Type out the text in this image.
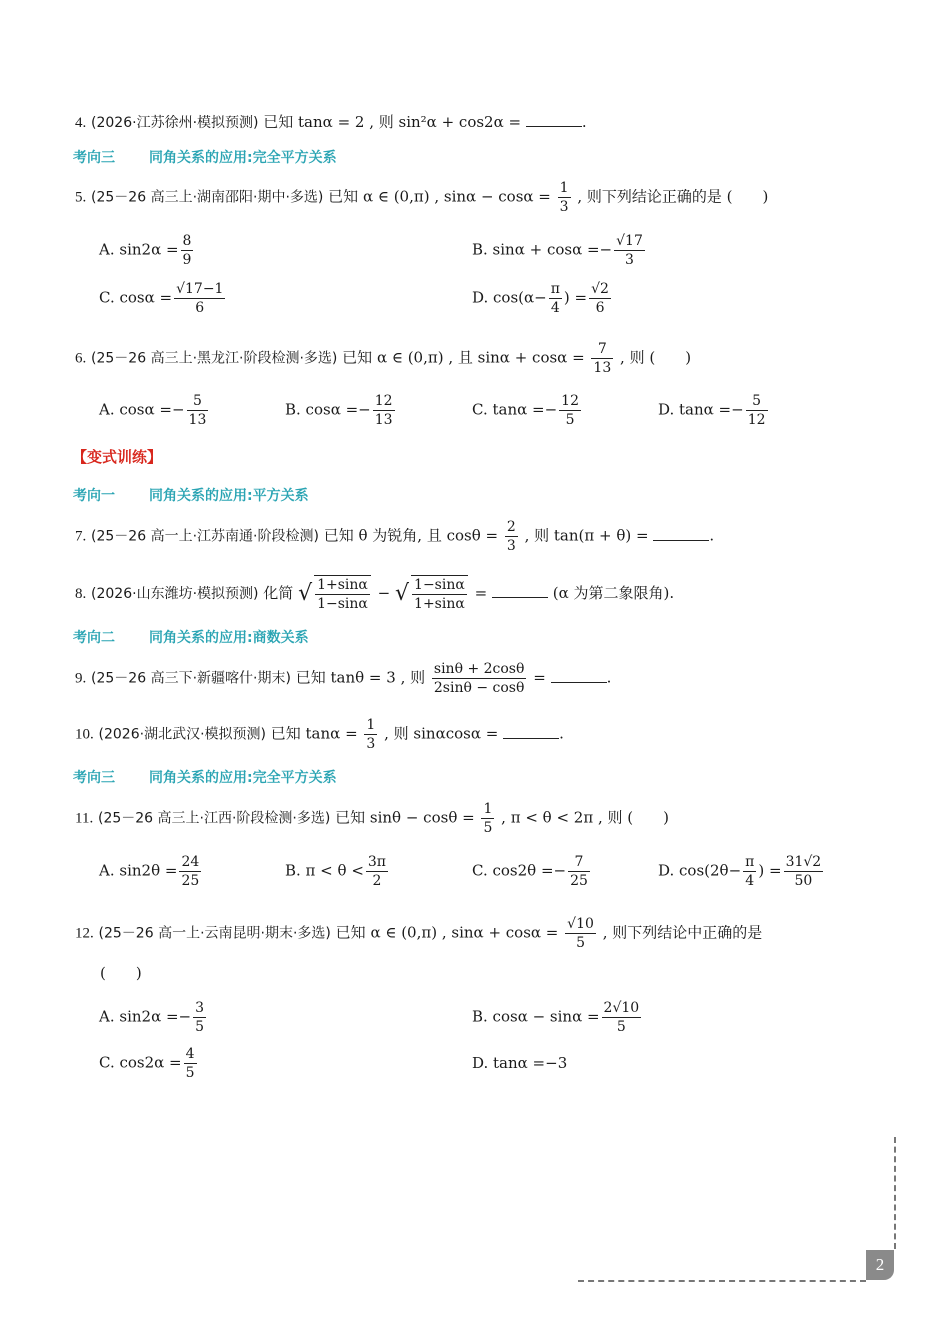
4. (2026·江苏徐州·模拟预测) 已知 tanα = 2 , 则 sin²α + cos2α =	.
考向三 同角关系的应用:完全平方关系
5. (25－26 高三上·湖南邵阳·期中·多选) 已知 α ∈ (0,π) , $\sin\alpha - \cos\alpha = \frac{1}{3}$ , 则下列结论正确的是 (　　)
A. $\sin 2\alpha = \frac{8}{9}$	B. $\sin\alpha + \cos\alpha =- \frac{√17}{3}$
C. $\cos\alpha = \frac{√17-1}{6}$	D. $\cos(\alpha- \frac{\pi}{4}$ ) = $\frac{√2}{6}$
6. (25－26 高三上·黑龙江·阶段检测·多选) 已知 α ∈ (0,π) , 且 $\sin\alpha + \cos\alpha = \frac{7}{13}$ , 则 (　　)
A. $\cos\alpha =- \frac{5}{13}$	B. $\cos\alpha =- \frac{12}{13}$	C. $\tan\alpha =- \frac{12}{5}$	D. $\tan\alpha =- \frac{5}{12}$
【变式训练】
考向一 同角关系的应用:平方关系
7. (25－26 高一上·江苏南通·阶段检测) 已知 θ 为锐角, 且 $\cos\theta = \frac{2}{3}$ , 则 tan(π + θ) =	.
8. (2026·山东潍坊·模拟预测) 化简 √ $\frac{1+\sin\alpha}{1-\sin\alpha}$ − √ $\frac{1-\sin\alpha}{1+\sin\alpha}$ =	(α 为第二象限角).
考向二 同角关系的应用:商数关系
9. (25－26 高三下·新疆喀什·期末) 已知 tanθ = 3 , 则 $\frac{\sin\theta + 2\cos\theta}{2\sin\theta - \cos\theta}$ =	.
10. (2026·湖北武汉·模拟预测) 已知 $\tan\alpha = \frac{1}{3}$ , 则 sinαcosα =	.
考向三 同角关系的应用:完全平方关系
11. (25－26 高三上·江西·阶段检测·多选) 已知 $\sin\theta - \cos\theta = \frac{1}{5}$ , π < θ < 2π , 则 (　　)
A. $\sin 2\theta = \frac{24}{25}$	B. $\pi < \theta < \frac{3\pi}{2}$	C. $\cos 2\theta =- \frac{7}{25}$	D. $\cos(2\theta- \frac{\pi}{4}$ ) = $\frac{31√2}{50}$
12. (25－26 高一上·云南昆明·期末·多选) 已知 α ∈ (0,π) , $\sin\alpha + \cos\alpha = \frac{√10}{5}$ , 则下列结论中正确的是
(　　)
A. $\sin 2\alpha =- \frac{3}{5}$	B. $\cos\alpha - \sin\alpha = \frac{2√10}{5}$
C. $\cos 2\alpha = \frac{4}{5}$	D. tanα =−3
2
